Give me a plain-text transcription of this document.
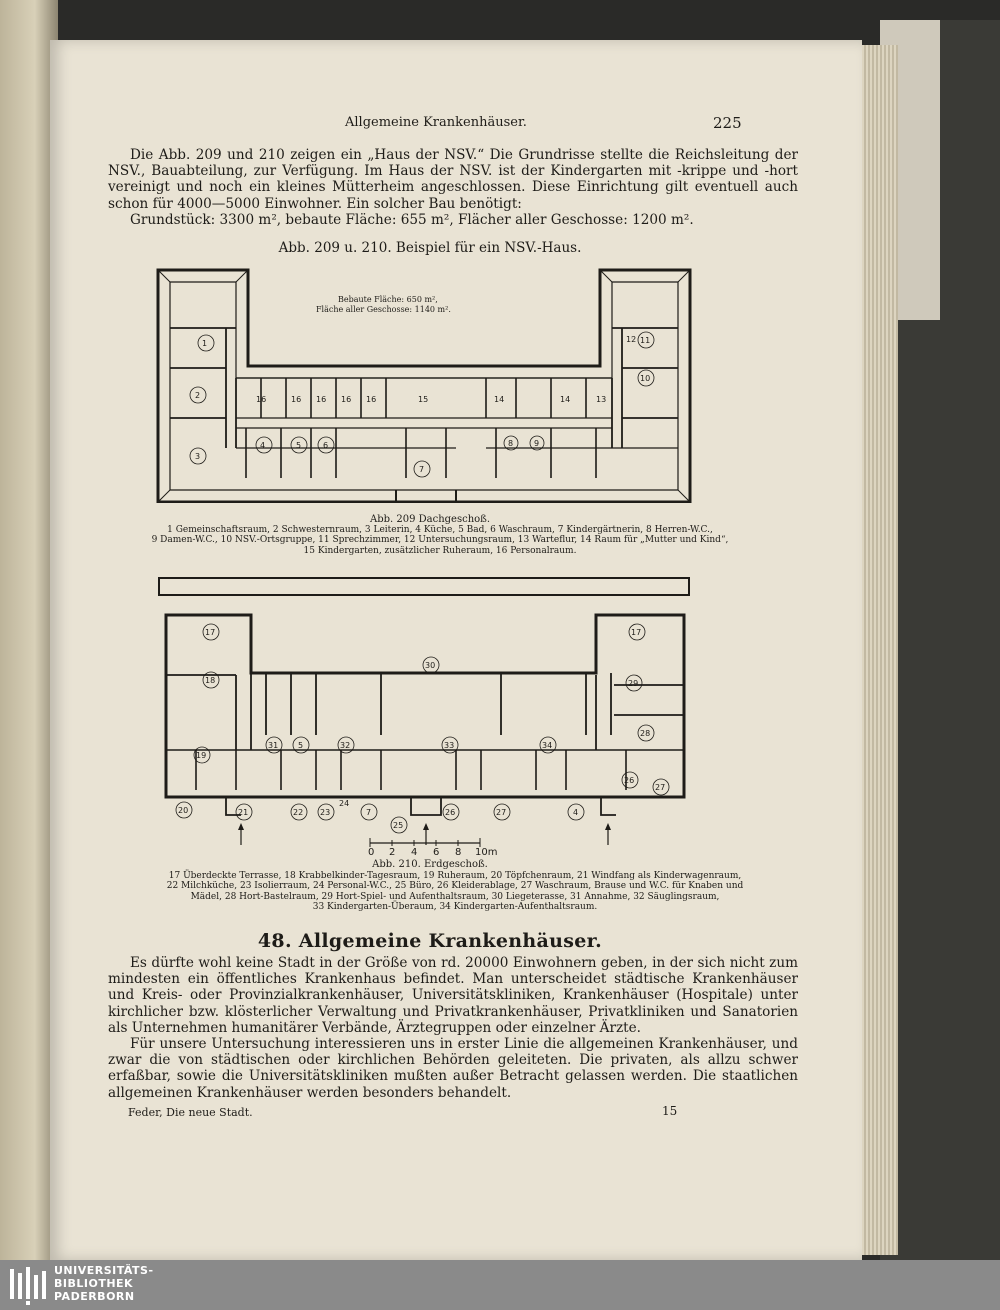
Allgemeine Krankenhäuser.	225

Die Abb. 209 und 210 zeigen ein „Haus der NSV.“ Die Grundrisse stellte die Reichsleitung der NSV., Bauabteilung, zur Verfügung. Im Haus der NSV. ist der Kindergarten mit -krippe und -hort vereinigt und noch ein kleines Mütterheim angeschlossen. Diese Einrichtung gilt eventuell auch schon für 4000—5000 Einwohner. Ein solcher Bau benötigt:
Grundstück: 3300 m², bebaute Fläche: 655 m², Flächer aller Geschosse: 1200 m².

Abb. 209 u. 210. Beispiel für ein NSV.-Haus.
1
2
3
4	5	6
7
8	9
10
11
12
15
16	16 16 16 16	14	14	13
Bebaute Fläche: 650 m²,
Fläche aller Geschosse: 1140 m².
Abb. 209 Dachgeschoß.
1 Gemeinschaftsraum, 2 Schwesternraum, 3 Leiterin, 4 Küche, 5 Bad, 6 Waschraum, 7 Kindergärtnerin, 8 Herren-W.C.,
9 Damen-W.C., 10 NSV.-Ortsgruppe, 11 Sprechzimmer, 12 Untersuchungsraum, 13 Warteflur, 14 Raum für „Mutter und Kind“,
15 Kindergarten, zusätzlicher Ruheraum, 16 Personalraum.
17	17
30
18	29
28
19
31 5	32	33	34
26
27
20	21	22 23	7
25
26	27	4
24
0 2 4 6 8 10m
Abb. 210. Erdgeschoß.
17 Überdeckte Terrasse, 18 Krabbelkinder-Tagesraum, 19 Ruheraum, 20 Töpfchenraum, 21 Windfang als Kinderwagenraum,
22 Milchküche, 23 Isolierraum, 24 Personal-W.C., 25 Büro, 26 Kleiderablage, 27 Waschraum, Brause und W.C. für Knaben und
Mädel, 28 Hort-Bastelraum, 29 Hort-Spiel- und Aufenthaltsraum, 30 Liegeterasse, 31 Annahme, 32 Säuglingsraum,
33 Kindergarten-Überaum, 34 Kindergarten-Aufenthaltsraum.
48. Allgemeine Krankenhäuser.

Es dürfte wohl keine Stadt in der Größe von rd. 20000 Einwohnern geben, in der sich nicht zum mindesten ein öffentliches Krankenhaus befindet. Man unterscheidet städtische Krankenhäuser und Kreis- oder Provinzialkrankenhäuser, Universitätskliniken, Krankenhäuser (Hospitale) unter kirchlicher bzw. klösterlicher Verwaltung und Privatkrankenhäuser, Privatkliniken und Sanatorien als Unternehmen humanitärer Verbände, Ärztegruppen oder einzelner Ärzte.
Für unsere Untersuchung interessieren uns in erster Linie die allgemeinen Krankenhäuser, und zwar die von städtischen oder kirchlichen Behörden geleiteten. Die privaten, als allzu schwer erfaßbar, sowie die Universitätskliniken mußten außer Betracht gelassen werden. Die staatlichen allgemeinen Krankenhäuser werden besonders behandelt.

Feder, Die neue Stadt.	15
UNIVERSITÄTS-
BIBLIOTHEK
PADERBORN
